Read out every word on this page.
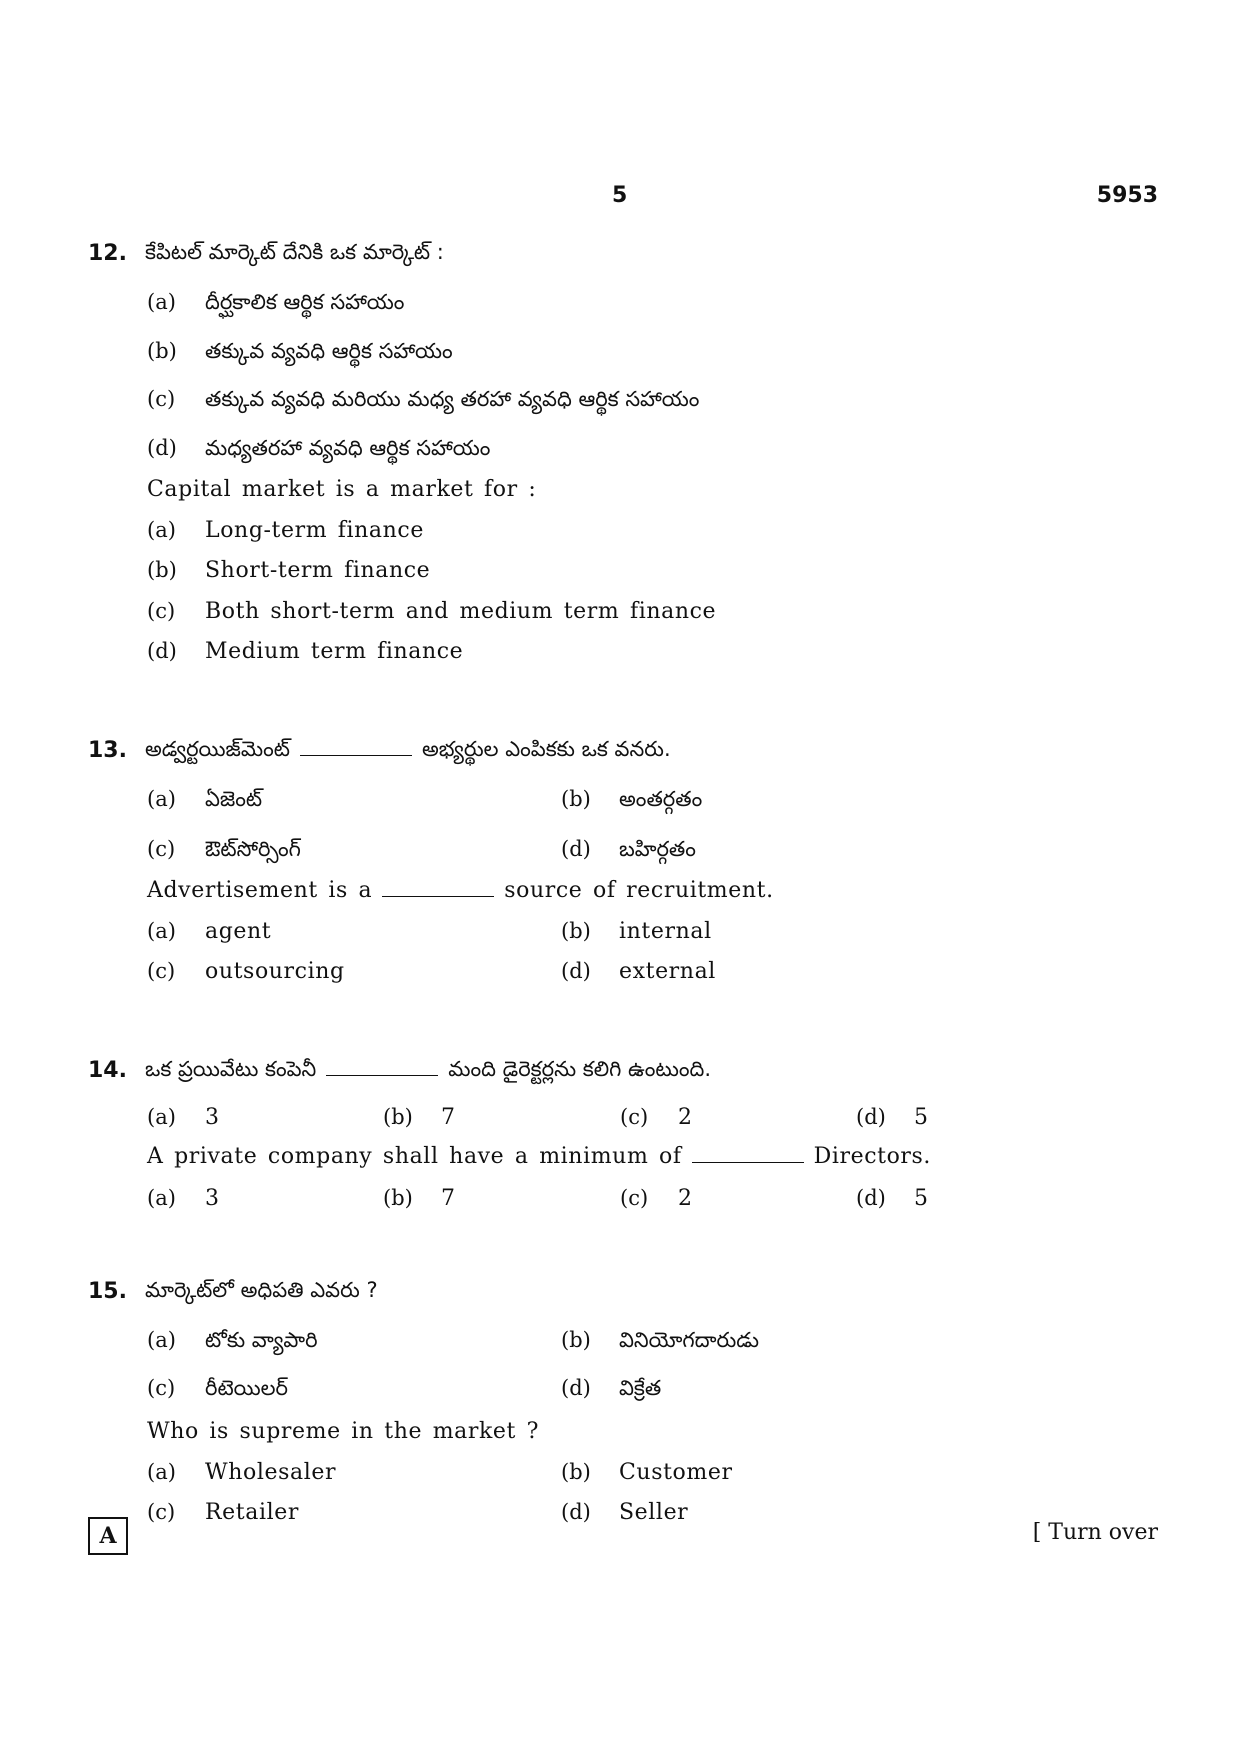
5	5953
12. కేపిటల్ మార్కెట్ దేనికి ఒక మార్కెట్ :
(a) దీర్ఘకాలిక ఆర్థిక సహాయం
(b) తక్కువ వ్యవధి ఆర్థిక సహాయం
(c) తక్కువ వ్యవధి మరియు మధ్య తరహా వ్యవధి ఆర్థిక సహాయం
(d) మధ్యతరహా వ్యవధి ఆర్థిక సహాయం
Capital market is a market for :
(a) Long-term finance
(b) Short-term finance
(c) Both short-term and medium term finance
(d) Medium term finance
13. అడ్వర్టయిజ్‌మెంట్	అభ్యర్థుల ఎంపికకు ఒక వనరు.
(a) ఏజెంట్	(b) అంతర్గతం
(c) ఔట్‌సోర్సింగ్	(d) బహిర్గతం
Advertisement is a	source of recruitment.
(a) agent	(b) internal
(c) outsourcing	(d) external
14. ఒక ప్రయివేటు కంపెనీ	మంది డైరెక్టర్లను కలిగి ఉంటుంది.
(a) 3	(b) 7	(c) 2	(d) 5
A private company shall have a minimum of	Directors.
(a) 3	(b) 7	(c) 2	(d) 5
15. మార్కెట్‌లో అధిపతి ఎవరు ?
(a) టోకు వ్యాపారి	(b) వినియోగదారుడు
(c) రీటెయిలర్	(d) విక్రేత
Who is supreme in the market ?
(a) Wholesaler	(b) Customer
(c) Retailer	(d) Seller
A	[ Turn over
